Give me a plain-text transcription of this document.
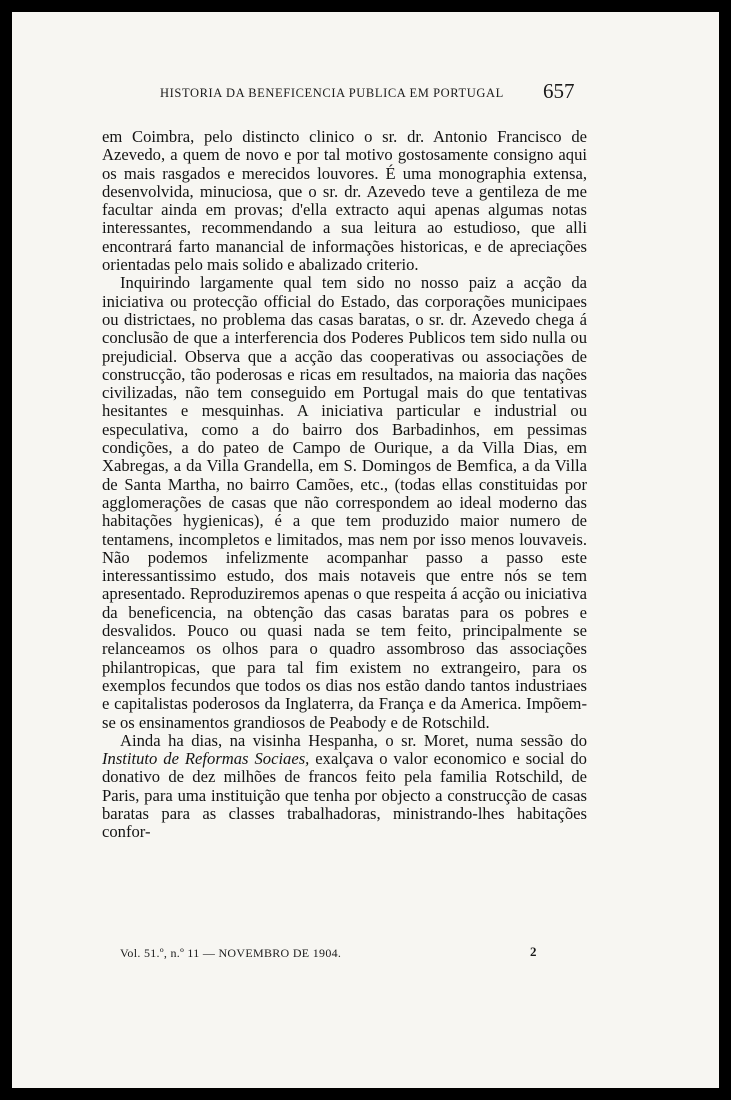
HISTORIA DA BENEFICENCIA PUBLICA EM PORTUGAL	657

em Coimbra, pelo distincto clinico o sr. dr. Antonio Francisco de Azevedo, a quem de novo e por tal motivo gostosamente consigno aqui os mais rasgados e merecidos louvores. É uma monographia extensa, desenvolvida, minuciosa, que o sr. dr. Azevedo teve a gentileza de me facultar ainda em provas; d'ella extracto aqui apenas algumas notas interessantes, recommendando a sua leitura ao estudioso, que alli encontrará farto manancial de informações historicas, e de apreciações orientadas pelo mais solido e abalizado criterio.

Inquirindo largamente qual tem sido no nosso paiz a acção da iniciativa ou protecção official do Estado, das corporações municipaes ou districtaes, no problema das casas baratas, o sr. dr. Azevedo chega á conclusão de que a interferencia dos Poderes Publicos tem sido nulla ou prejudicial. Observa que a acção das cooperativas ou associações de construcção, tão poderosas e ricas em resultados, na maioria das nações civilizadas, não tem conseguido em Portugal mais do que tentativas hesitantes e mesquinhas. A iniciativa particular e industrial ou especulativa, como a do bairro dos Barbadinhos, em pessimas condições, a do pateo de Campo de Ourique, a da Villa Dias, em Xabregas, a da Villa Grandella, em S. Domingos de Bemfica, a da Villa de Santa Martha, no bairro Camões, etc., (todas ellas constituidas por agglomerações de casas que não correspondem ao ideal moderno das habitações hygienicas), é a que tem produzido maior numero de tentamens, incompletos e limitados, mas nem por isso menos louvaveis. Não podemos infelizmente acompanhar passo a passo este interessantissimo estudo, dos mais notaveis que entre nós se tem apresentado. Reproduziremos apenas o que respeita á acção ou iniciativa da beneficencia, na obtenção das casas baratas para os pobres e desvalidos. Pouco ou quasi nada se tem feito, principalmente se relanceamos os olhos para o quadro assombroso das associações philantropicas, que para tal fim existem no extrangeiro, para os exemplos fecundos que todos os dias nos estão dando tantos industriaes e capitalistas poderosos da Inglaterra, da França e da America. Impõem-se os ensinamentos grandiosos de Peabody e de Rotschild.

Ainda ha dias, na visinha Hespanha, o sr. Moret, numa sessão do Instituto de Reformas Sociaes, exalçava o valor economico e social do donativo de dez milhões de francos feito pela familia Rotschild, de Paris, para uma instituição que tenha por objecto a construcção de casas baratas para as classes trabalhadoras, ministrando-lhes habitações confor-

Vol. 51.º, n.º 11 — NOVEMBRO DE 1904.	2
